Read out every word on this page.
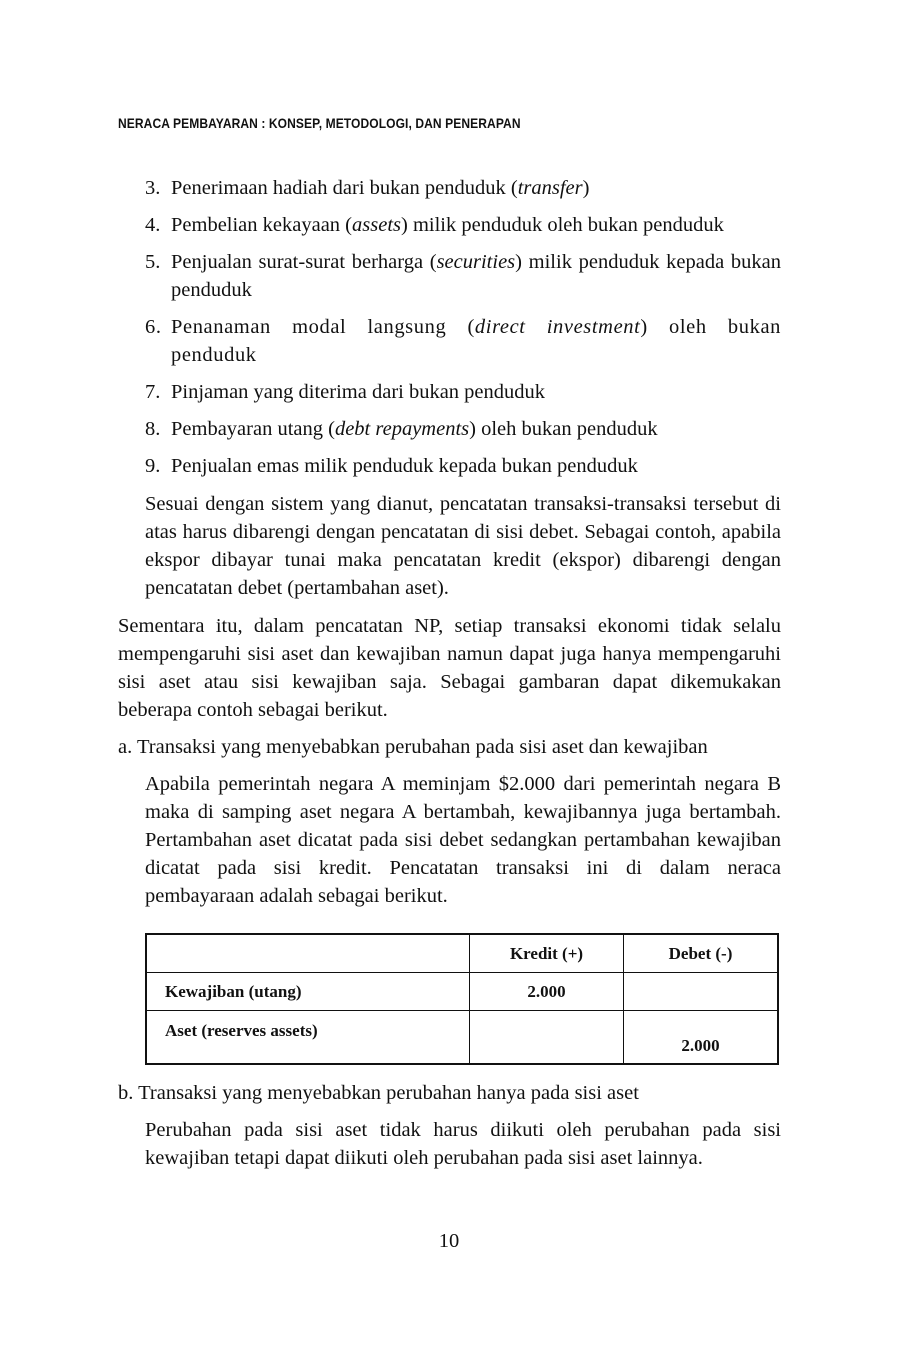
NERACA PEMBAYARAN : KONSEP, METODOLOGI, DAN PENERAPAN
3. Penerimaan hadiah dari bukan penduduk (transfer)
4. Pembelian kekayaan (assets) milik penduduk oleh bukan penduduk
5. Penjualan surat-surat berharga (securities) milik penduduk kepada bukan penduduk
6. Penanaman modal langsung (direct investment) oleh bukan penduduk
7. Pinjaman yang diterima dari bukan penduduk
8. Pembayaran utang (debt repayments) oleh bukan penduduk
9. Penjualan emas milik penduduk kepada bukan penduduk

Sesuai dengan sistem yang dianut, pencatatan transaksi-transaksi tersebut di atas harus dibarengi dengan pencatatan di sisi debet. Sebagai contoh, apabila ekspor dibayar tunai maka pencatatan kredit (ekspor) dibarengi dengan pencatatan debet (pertambahan aset).

Sementara itu, dalam pencatatan NP, setiap transaksi ekonomi tidak selalu mempengaruhi sisi aset dan kewajiban namun dapat juga hanya mempengaruhi sisi aset atau sisi kewajiban saja. Sebagai gambaran dapat dikemukakan beberapa contoh sebagai berikut.

a. Transaksi yang menyebabkan perubahan pada sisi aset dan kewajiban

Apabila pemerintah negara A meminjam $2.000 dari pemerintah negara B maka di samping aset negara A bertambah, kewajibannya juga bertambah. Pertambahan aset dicatat pada sisi debet sedangkan pertambahan kewajiban dicatat pada sisi kredit. Pencatatan transaksi ini di dalam neraca pembayaraan adalah sebagai berikut.

	Kredit (+)	Debet (-)
Kewajiban (utang)	2.000	
Aset (reserves assets)		2.000

b. Transaksi yang menyebabkan perubahan hanya pada sisi aset

Perubahan pada sisi aset tidak harus diikuti oleh perubahan pada sisi kewajiban tetapi dapat diikuti oleh perubahan pada sisi aset lainnya.

10
